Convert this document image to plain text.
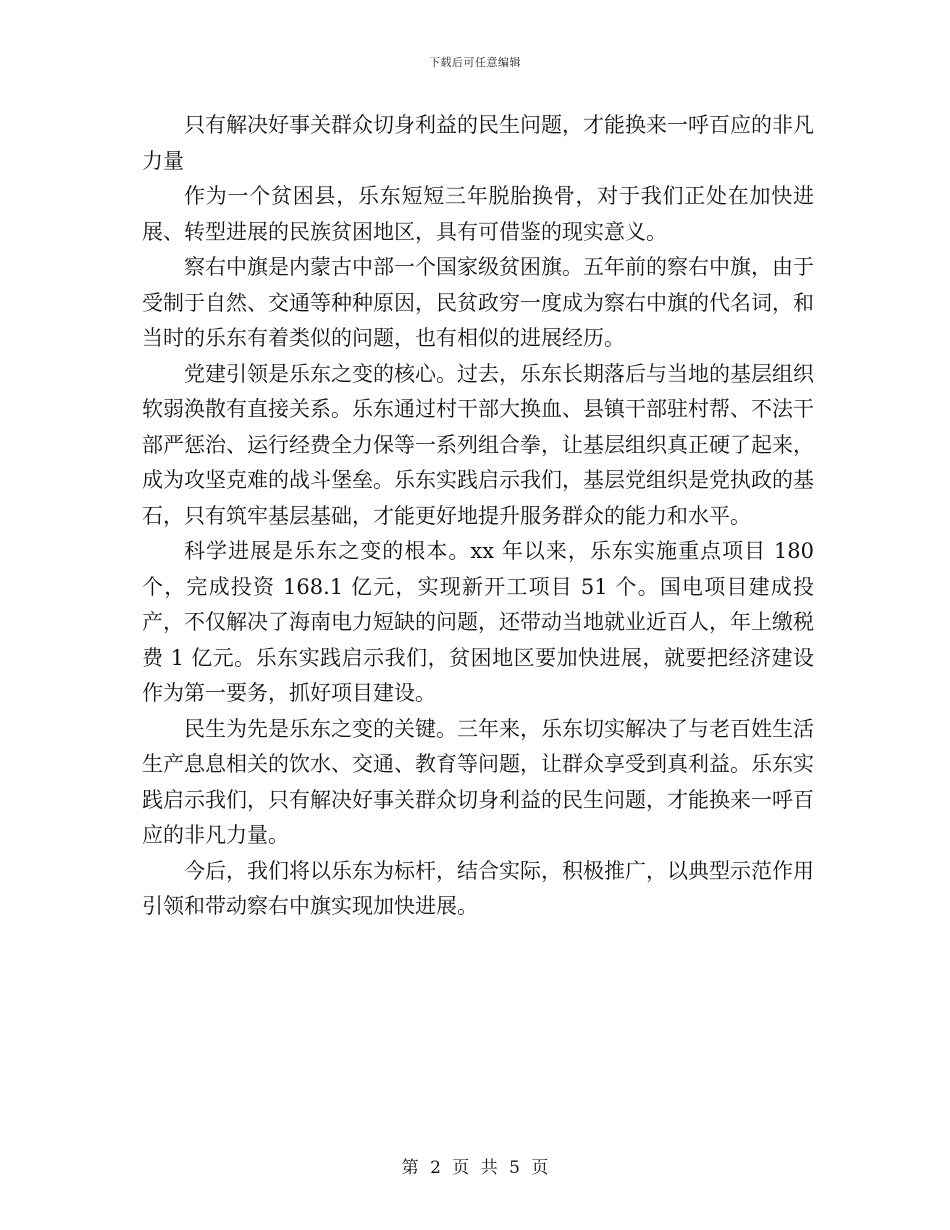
下载后可任意编辑

只有解决好事关群众切身利益的民生问题，才能换来一呼百应的非凡力量

作为一个贫困县，乐东短短三年脱胎换骨，对于我们正处在加快进展、转型进展的民族贫困地区，具有可借鉴的现实意义。

察右中旗是内蒙古中部一个国家级贫困旗。五年前的察右中旗，由于受制于自然、交通等种种原因，民贫政穷一度成为察右中旗的代名词，和当时的乐东有着类似的问题，也有相似的进展经历。

党建引领是乐东之变的核心。过去，乐东长期落后与当地的基层组织软弱涣散有直接关系。乐东通过村干部大换血、县镇干部驻村帮、不法干部严惩治、运行经费全力保等一系列组合拳，让基层组织真正硬了起来，成为攻坚克难的战斗堡垒。乐东实践启示我们，基层党组织是党执政的基石，只有筑牢基层基础，才能更好地提升服务群众的能力和水平。

科学进展是乐东之变的根本。xx 年以来，乐东实施重点项目 180 个，完成投资 168.1 亿元，实现新开工项目 51 个。国电项目建成投产，不仅解决了海南电力短缺的问题，还带动当地就业近百人，年上缴税费 1 亿元。乐东实践启示我们，贫困地区要加快进展，就要把经济建设作为第一要务，抓好项目建设。

民生为先是乐东之变的关键。三年来，乐东切实解决了与老百姓生活生产息息相关的饮水、交通、教育等问题，让群众享受到真利益。乐东实践启示我们，只有解决好事关群众切身利益的民生问题，才能换来一呼百应的非凡力量。

今后，我们将以乐东为标杆，结合实际，积极推广，以典型示范作用引领和带动察右中旗实现加快进展。

第 2 页 共 5 页
